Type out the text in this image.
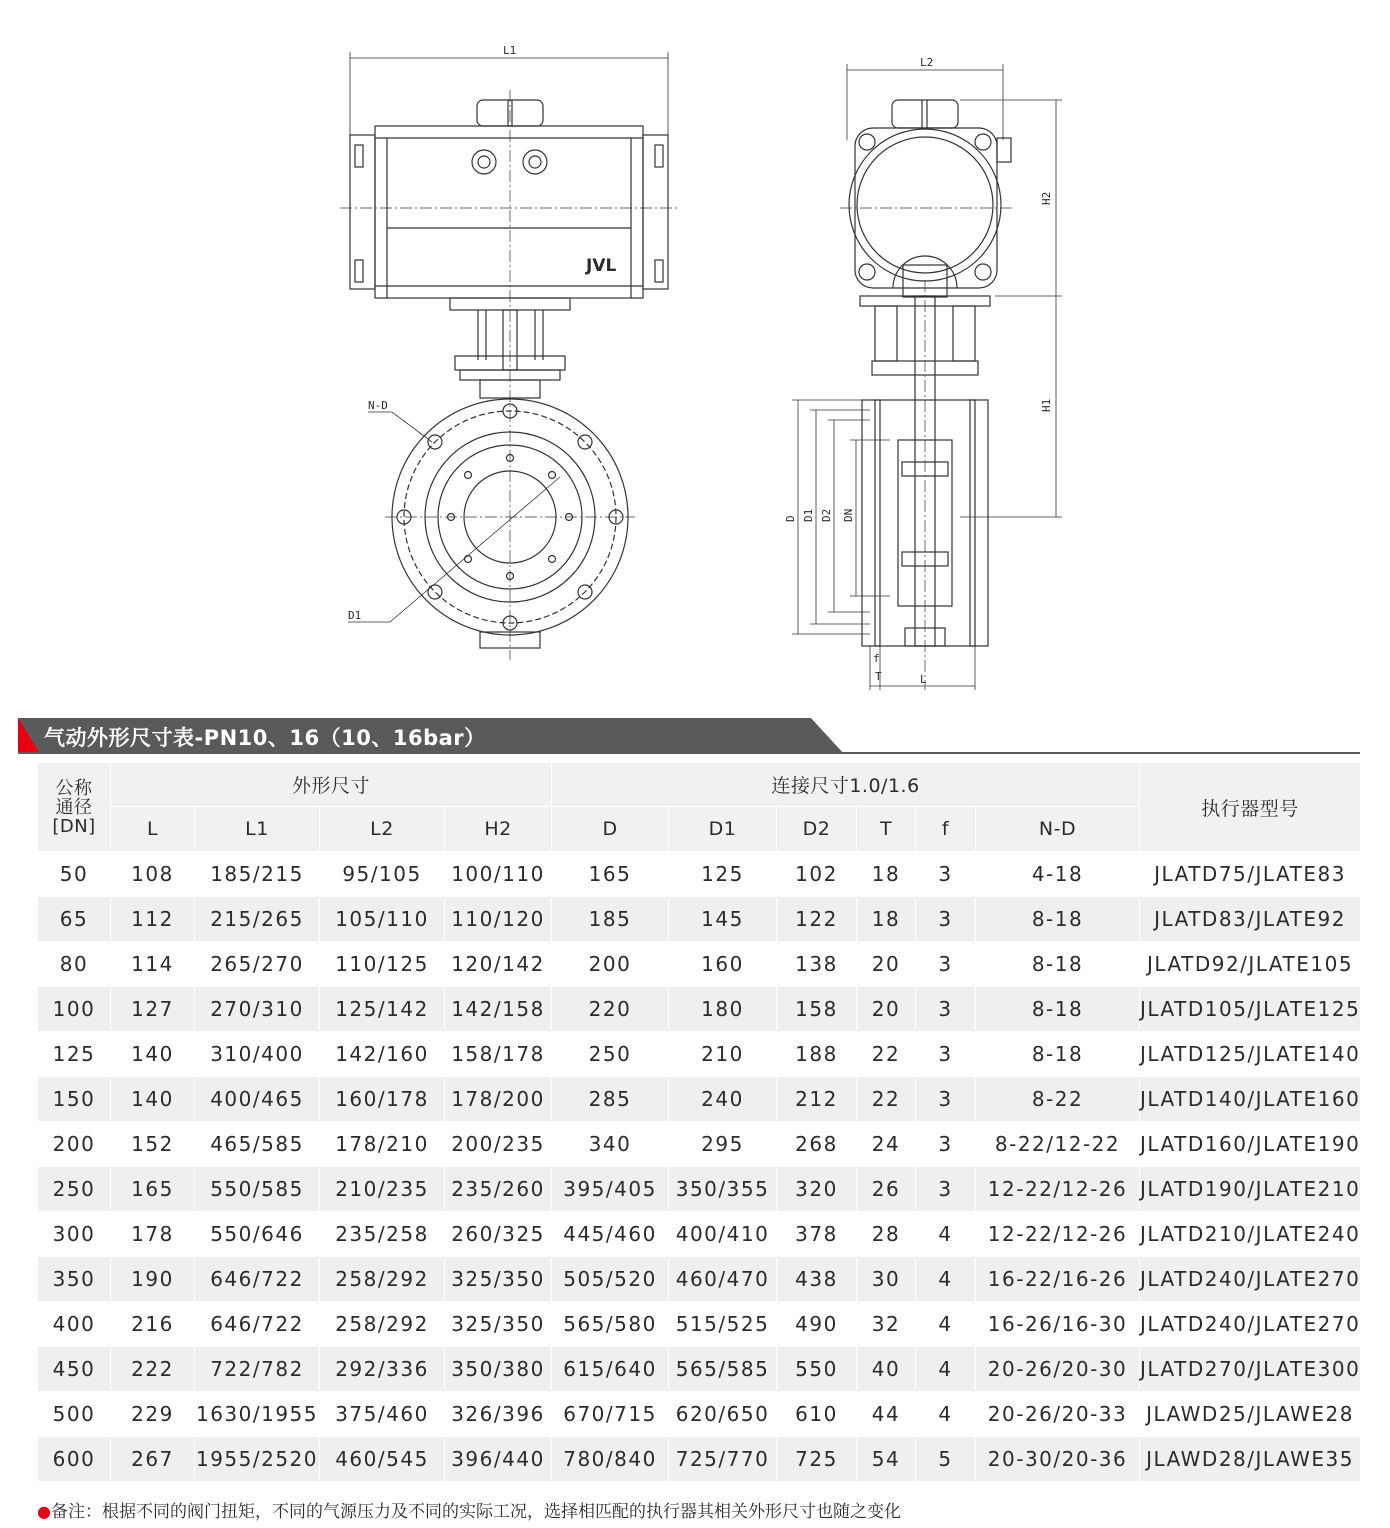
L1
L2
H2
H1
N-D
D1
D D1 D2 DN
f
T	L
JVL
气动外形尺寸表-PN10、16（10、16bar）
公称
通径
[DN]	外形尺寸				连接尺寸1.0/1.6						执行器型号
	L	L1	L2	H2	D	D1	D2	T	f	N-D	
50	108	185/215	95/105	100/110	165	125	102	18	3	4-18	JLATD75/JLATE83
65	112	215/265	105/110	110/120	185	145	122	18	3	8-18	JLATD83/JLATE92
80	114	265/270	110/125	120/142	200	160	138	20	3	8-18	JLATD92/JLATE105
100	127	270/310	125/142	142/158	220	180	158	20	3	8-18	JLATD105/JLATE125
125	140	310/400	142/160	158/178	250	210	188	22	3	8-18	JLATD125/JLATE140
150	140	400/465	160/178	178/200	285	240	212	22	3	8-22	JLATD140/JLATE160
200	152	465/585	178/210	200/235	340	295	268	24	3	8-22/12-22	JLATD160/JLATE190
250	165	550/585	210/235	235/260	395/405	350/355	320	26	3	12-22/12-26	JLATD190/JLATE210
300	178	550/646	235/258	260/325	445/460	400/410	378	28	4	12-22/12-26	JLATD210/JLATE240
350	190	646/722	258/292	325/350	505/520	460/470	438	30	4	16-22/16-26	JLATD240/JLATE270
400	216	646/722	258/292	325/350	565/580	515/525	490	32	4	16-26/16-30	JLATD240/JLATE270
450	222	722/782	292/336	350/380	615/640	565/585	550	40	4	20-26/20-30	JLATD270/JLATE300
500	229	1630/1955	375/460	326/396	670/715	620/650	610	44	4	20-26/20-33	JLAWD25/JLAWE28
600	267	1955/2520	460/545	396/440	780/840	725/770	725	54	5	20-30/20-36	JLAWD28/JLAWE35
●备注：根据不同的阀门扭矩，不同的气源压力及不同的实际工况，选择相匹配的执行器其相关外形尺寸也随之变化
